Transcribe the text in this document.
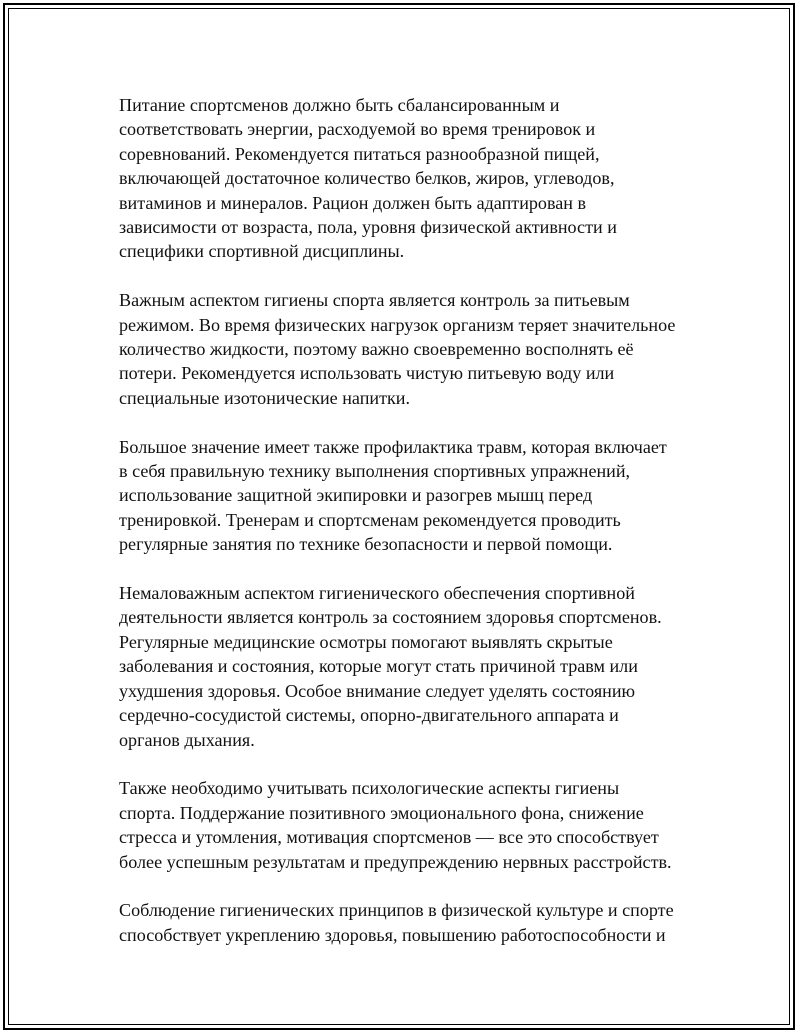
Питание спортсменов должно быть сбалансированным и
соответствовать энергии, расходуемой во время тренировок и
соревнований. Рекомендуется питаться разнообразной пищей,
включающей достаточное количество белков, жиров, углеводов,
витаминов и минералов. Рацион должен быть адаптирован в
зависимости от возраста, пола, уровня физической активности и
специфики спортивной дисциплины.

Важным аспектом гигиены спорта является контроль за питьевым
режимом. Во время физических нагрузок организм теряет значительное
количество жидкости, поэтому важно своевременно восполнять её
потери. Рекомендуется использовать чистую питьевую воду или
специальные изотонические напитки.

Большое значение имеет также профилактика травм, которая включает
в себя правильную технику выполнения спортивных упражнений,
использование защитной экипировки и разогрев мышц перед
тренировкой. Тренерам и спортсменам рекомендуется проводить
регулярные занятия по технике безопасности и первой помощи.

Немаловажным аспектом гигиенического обеспечения спортивной
деятельности является контроль за состоянием здоровья спортсменов.
Регулярные медицинские осмотры помогают выявлять скрытые
заболевания и состояния, которые могут стать причиной травм или
ухудшения здоровья. Особое внимание следует уделять состоянию
сердечно-сосудистой системы, опорно-двигательного аппарата и
органов дыхания.

Также необходимо учитывать психологические аспекты гигиены
спорта. Поддержание позитивного эмоционального фона, снижение
стресса и утомления, мотивация спортсменов — все это способствует
более успешным результатам и предупреждению нервных расстройств.

Соблюдение гигиенических принципов в физической культуре и спорте
способствует укреплению здоровья, повышению работоспособности и
